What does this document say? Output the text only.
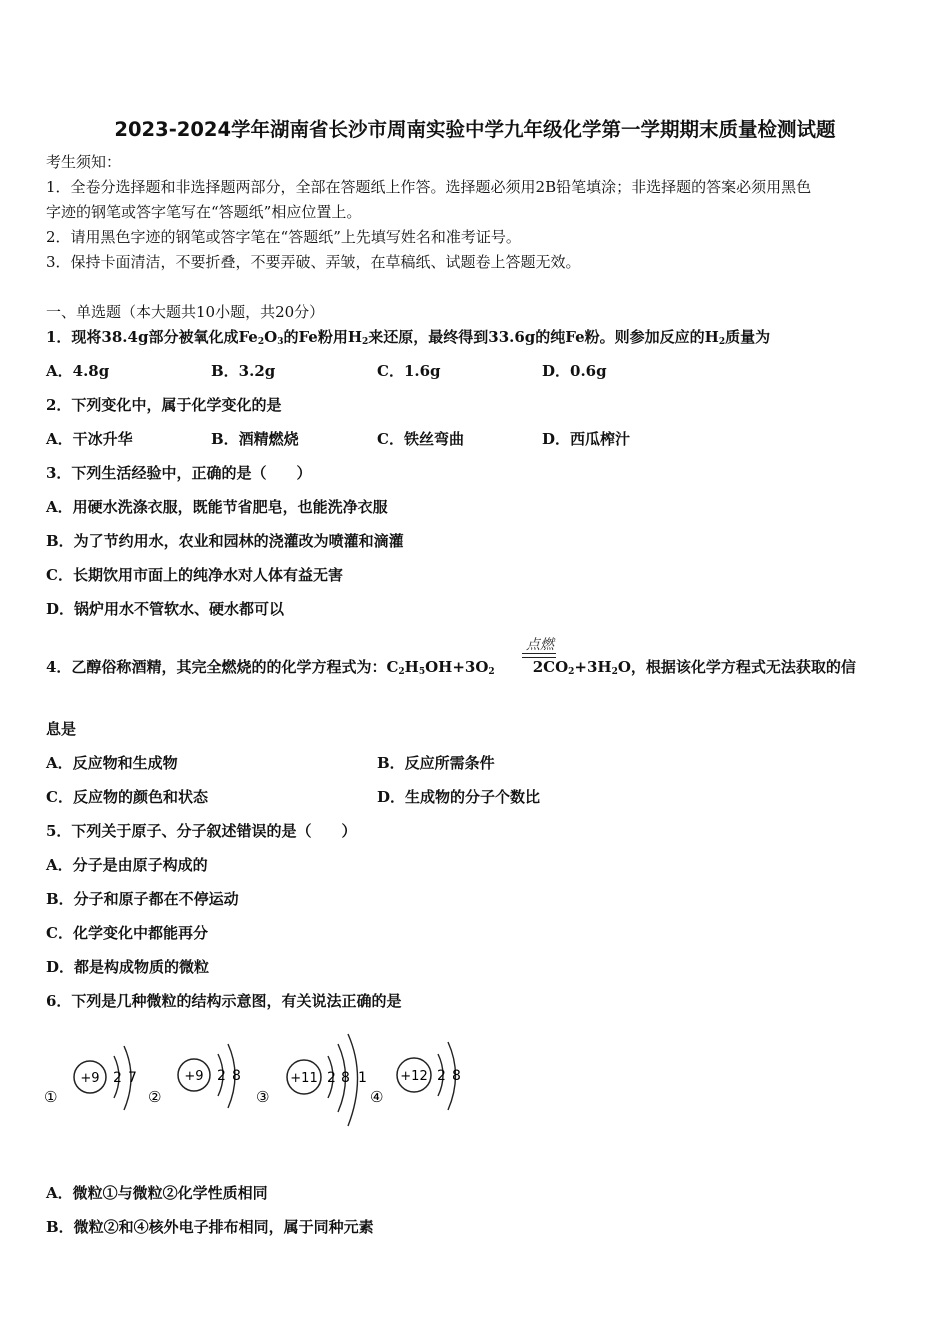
2023-2024学年湖南省长沙市周南实验中学九年级化学第一学期期末质量检测试题
考生须知：
1．全卷分选择题和非选择题两部分，全部在答题纸上作答。选择题必须用2B铅笔填涂；非选择题的答案必须用黑色
字迹的钢笔或答字笔写在“答题纸”相应位置上。
2．请用黑色字迹的钢笔或答字笔在“答题纸”上先填写姓名和准考证号。
3．保持卡面清洁，不要折叠，不要弄破、弄皱，在草稿纸、试题卷上答题无效。
一、单选题（本大题共10小题，共20分）
1．现将38.4g部分被氧化成$Fe_2O_3$的Fe粉用$H_2$来还原，最终得到33.6g的纯Fe粉。则参加反应的$H_2$质量为
A．4.8g	B．3.2g	C．1.6g	D．0.6g
2．下列变化中，属于化学变化的是
A．干冰升华	B．酒精燃烧	C．铁丝弯曲	D．西瓜榨汁
3．下列生活经验中，正确的是（　　）
A．用硬水洗涤衣服，既能节省肥皂，也能洗净衣服
B．为了节约用水，农业和园林的浇灌改为喷灌和滴灌
C．长期饮用市面上的纯净水对人体有益无害
D．锅炉用水不管软水、硬水都可以
点燃
4．乙醇俗称酒精，其完全燃烧的的化学方程式为：$C_2H_5OH+3O_2$	$2CO_2+3H_2O$，根据该化学方程式无法获取的信
息是
A．反应物和生成物	B．反应所需条件
C．反应物的颜色和状态	D．生成物的分子个数比
5．下列关于原子、分子叙述错误的是（　　）
A．分子是由原子构成的
B．分子和原子都在不停运动
C．化学变化中都能再分
D．都是构成物质的微粒
6．下列是几种微粒的结构示意图，有关说法正确的是
①
+9 2 7
②
+9 2 8
③
+11 2 8 1
④
+12 2 8
A．微粒①与微粒②化学性质相同
B．微粒②和④核外电子排布相同，属于同种元素
